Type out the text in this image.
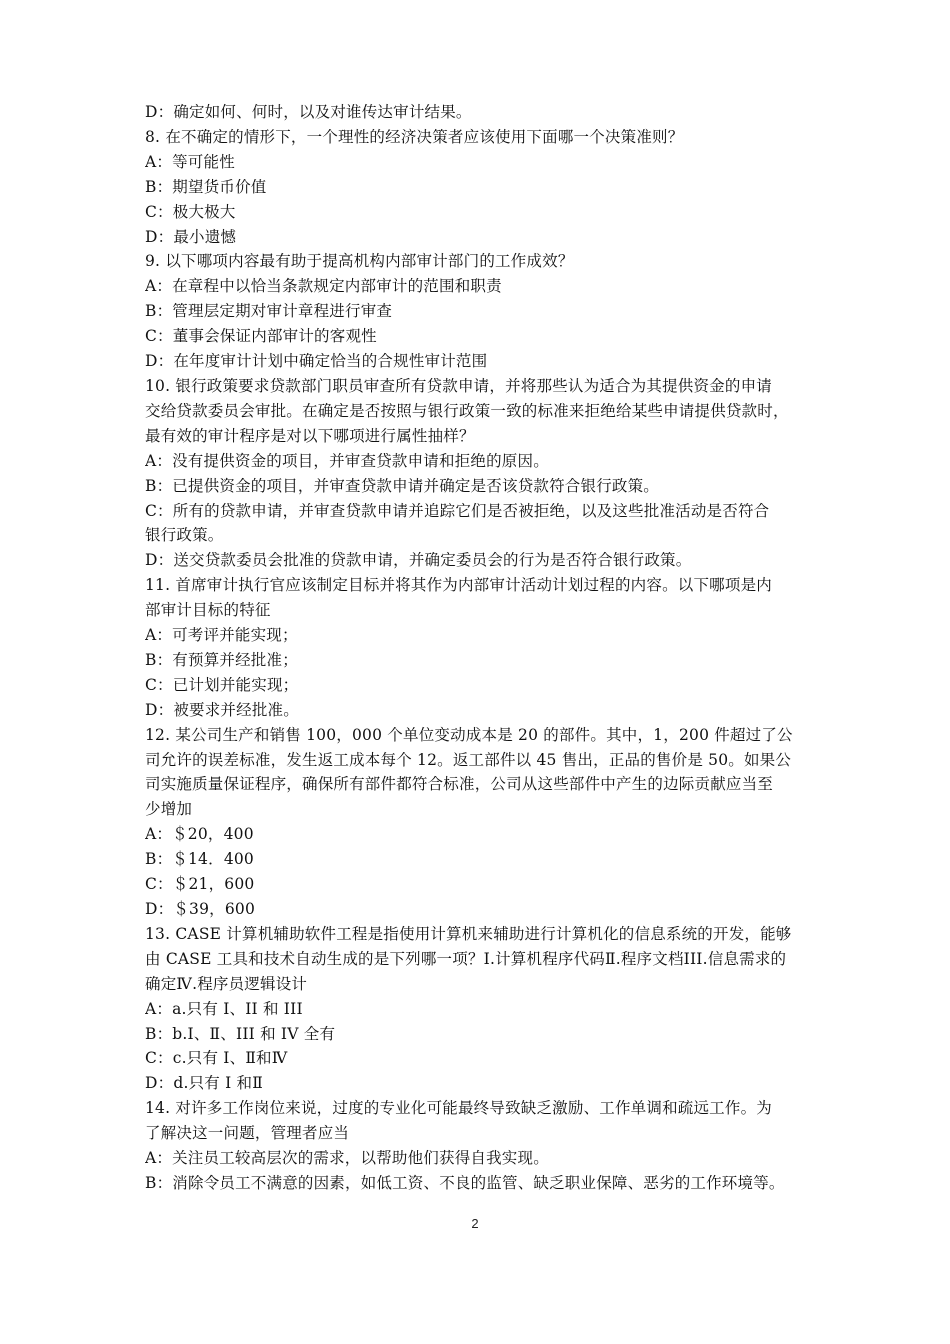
D：确定如何、何时，以及对谁传达审计结果。
8. 在不确定的情形下，一个理性的经济决策者应该使用下面哪一个决策准则？
A：等可能性
B：期望货币价值
C：极大极大
D：最小遗憾
9. 以下哪项内容最有助于提高机构内部审计部门的工作成效？
A：在章程中以恰当条款规定内部审计的范围和职责
B：管理层定期对审计章程进行审查
C：董事会保证内部审计的客观性
D：在年度审计计划中确定恰当的合规性审计范围
10. 银行政策要求贷款部门职员审查所有贷款申请，并将那些认为适合为其提供资金的申请
交给贷款委员会审批。在确定是否按照与银行政策一致的标准来拒绝给某些申请提供贷款时，
最有效的审计程序是对以下哪项进行属性抽样？
A：没有提供资金的项目，并审查贷款申请和拒绝的原因。
B：已提供资金的项目，并审查贷款申请并确定是否该贷款符合银行政策。
C：所有的贷款申请，并审查贷款申请并追踪它们是否被拒绝，以及这些批准活动是否符合
银行政策。
D：送交贷款委员会批准的贷款申请，并确定委员会的行为是否符合银行政策。
11. 首席审计执行官应该制定目标并将其作为内部审计活动计划过程的内容。以下哪项是内
部审计目标的特征
A：可考评并能实现；
B：有预算并经批准；
C：已计划并能实现；
D：被要求并经批准。
12. 某公司生产和销售 100，000 个单位变动成本是 20 的部件。其中，1，200 件超过了公
司允许的误差标准，发生返工成本每个 12。返工部件以 45 售出，正品的售价是 50。如果公
司实施质量保证程序，确保所有部件都符合标准，公司从这些部件中产生的边际贡献应当至
少增加
A：＄20，400
B：＄14．400
C：＄21，600
D：＄39，600
13. CASE 计算机辅助软件工程是指使用计算机来辅助进行计算机化的信息系统的开发，能够
由 CASE 工具和技术自动生成的是下列哪一项？I.计算机程序代码Ⅱ.程序文档III.信息需求的
确定Ⅳ.程序员逻辑设计
A：a.只有 I、II 和 III
B：b.I、Ⅱ、III 和 IV 全有
C：c.只有 I、Ⅱ和Ⅳ
D：d.只有 I 和Ⅱ
14. 对许多工作岗位来说，过度的专业化可能最终导致缺乏激励、工作单调和疏远工作。为
了解决这一问题，管理者应当
A：关注员工较高层次的需求，以帮助他们获得自我实现。
B：消除令员工不满意的因素，如低工资、不良的监管、缺乏职业保障、恶劣的工作环境等。
2
